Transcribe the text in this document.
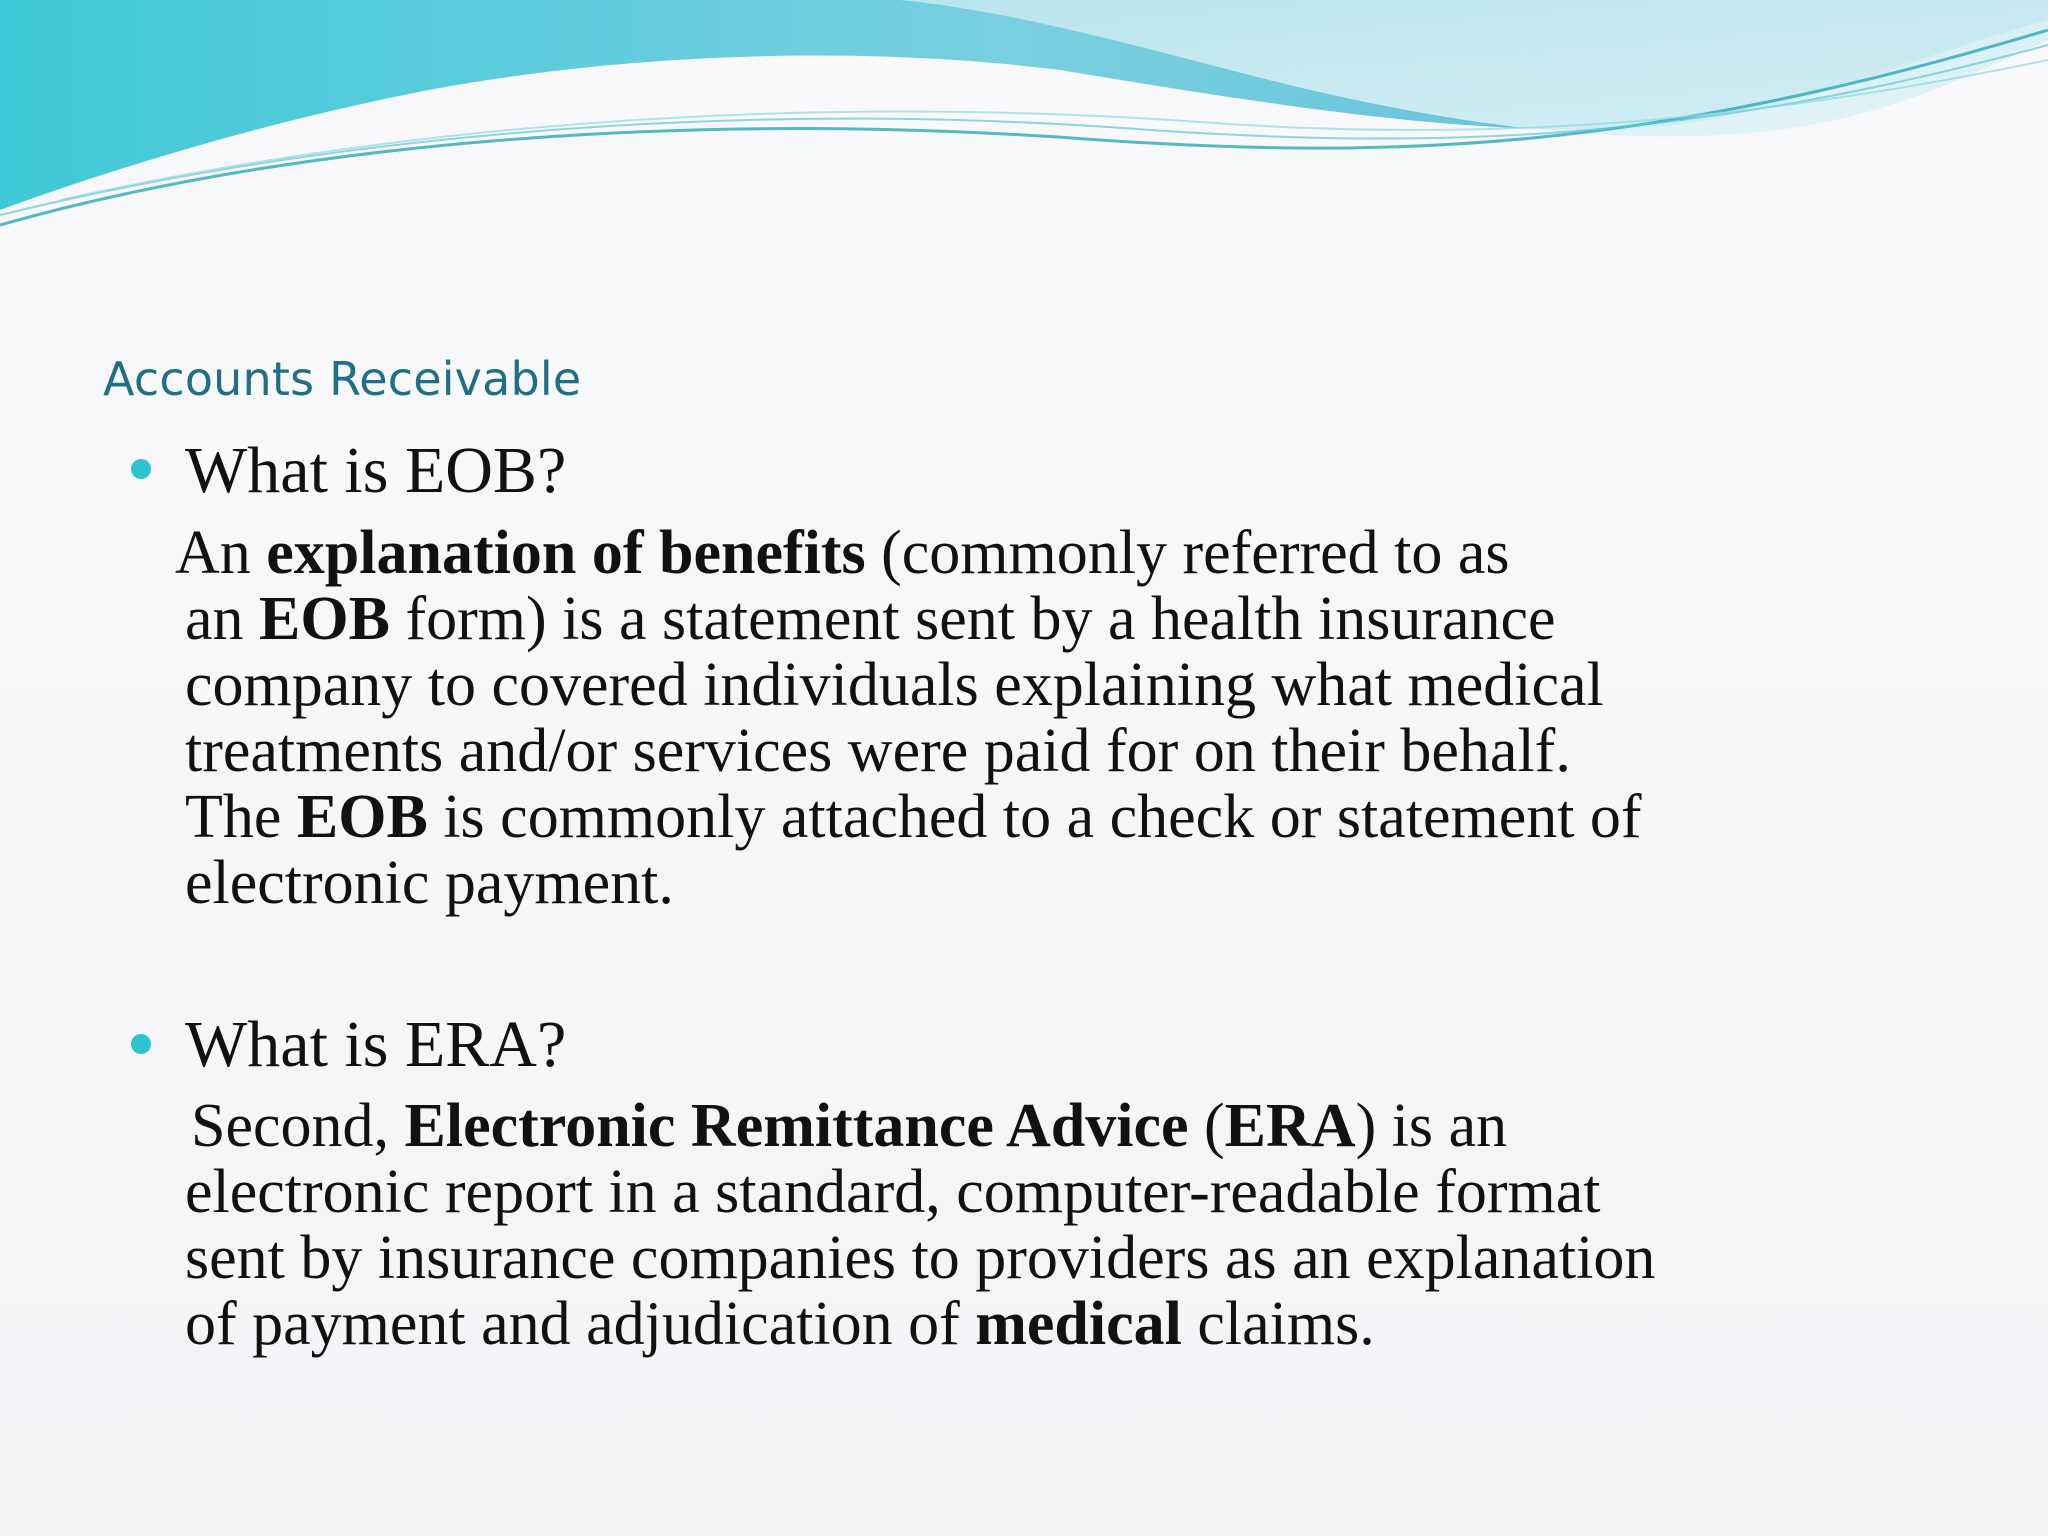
Accounts Receivable
What is EOB?
An explanation of benefits (commonly referred to as
an EOB form) is a statement sent by a health insurance
company to covered individuals explaining what medical
treatments and/or services were paid for on their behalf.
The EOB is commonly attached to a check or statement of
electronic payment.
What is ERA?
Second, Electronic Remittance Advice (ERA) is an
electronic report in a standard, computer-readable format
sent by insurance companies to providers as an explanation
of payment and adjudication of medical claims.
